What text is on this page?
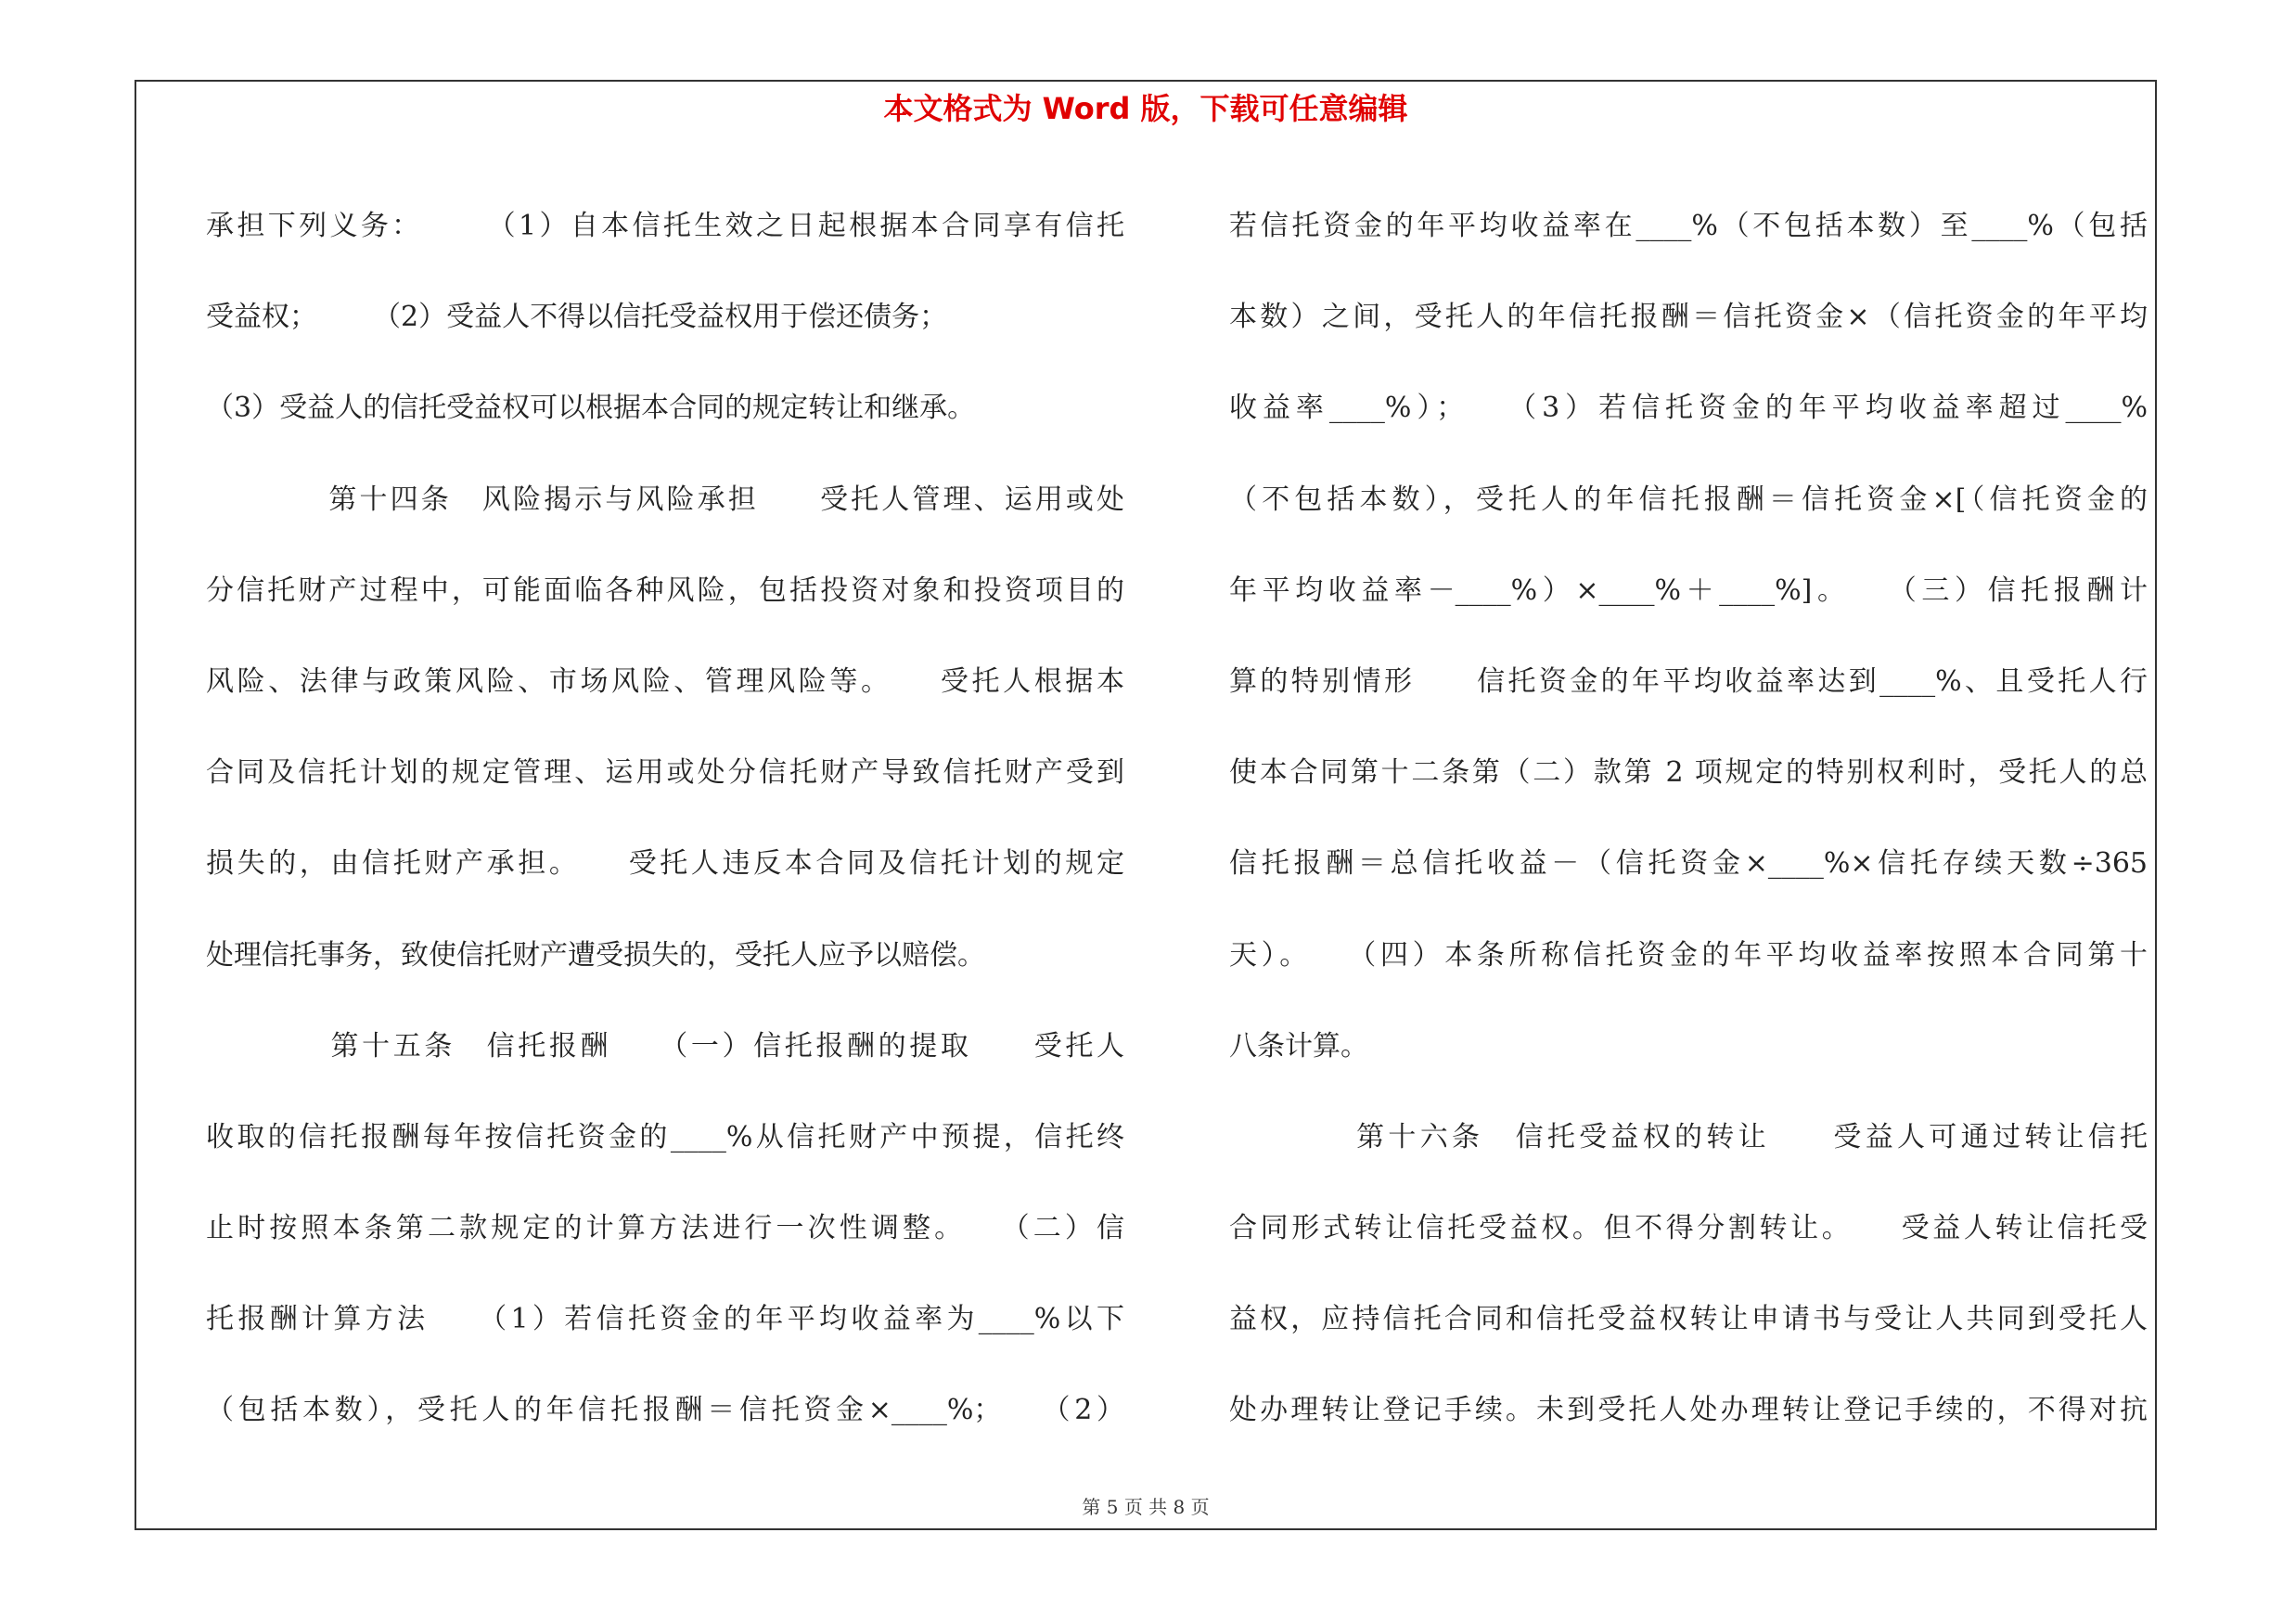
本文格式为 Word 版，下载可任意编辑
承担下列义务：　　　（1）自本信托生效之日起根据本合同享有信托
受益权；　　　（2）受益人不得以信托受益权用于偿还债务；
（3）受益人的信托受益权可以根据本合同的规定转让和继承。
　　　　第十四条　风险揭示与风险承担　　受托人管理、运用或处
分信托财产过程中，可能面临各种风险，包括投资对象和投资项目的
风险、法律与政策风险、市场风险、管理风险等。　　受托人根据本
合同及信托计划的规定管理、运用或处分信托财产导致信托财产受到
损失的，由信托财产承担。　　受托人违反本合同及信托计划的规定
处理信托事务，致使信托财产遭受损失的，受托人应予以赔偿。
　　　　第十五条　信托报酬　　（一）信托报酬的提取　　受托人
收取的信托报酬每年按信托资金的____%从信托财产中预提，信托终
止时按照本条第二款规定的计算方法进行一次性调整。　　（二）信
托报酬计算方法　　（1）若信托资金的年平均收益率为____%以下
（包括本数），受托人的年信托报酬＝信托资金×____%；　　（2）
若信托资金的年平均收益率在____%（不包括本数）至____%（包括
本数）之间，受托人的年信托报酬＝信托资金×（信托资金的年平均
收益率____%）；　　（3）若信托资金的年平均收益率超过____%
（不包括本数），受托人的年信托报酬＝信托资金×[（信托资金的
年平均收益率－____%）×____%＋____%]。　　（三）信托报酬计
算的特别情形　　信托资金的年平均收益率达到____%、且受托人行
使本合同第十二条第（二）款第 2 项规定的特别权利时，受托人的总
信托报酬＝总信托收益－（信托资金×____%×信托存续天数÷365
天）。　　（四）本条所称信托资金的年平均收益率按照本合同第十
八条计算。
　　　　第十六条　信托受益权的转让　　受益人可通过转让信托
合同形式转让信托受益权。但不得分割转让。　　受益人转让信托受
益权，应持信托合同和信托受益权转让申请书与受让人共同到受托人
处办理转让登记手续。未到受托人处办理转让登记手续的，不得对抗
第 5 页 共 8 页
